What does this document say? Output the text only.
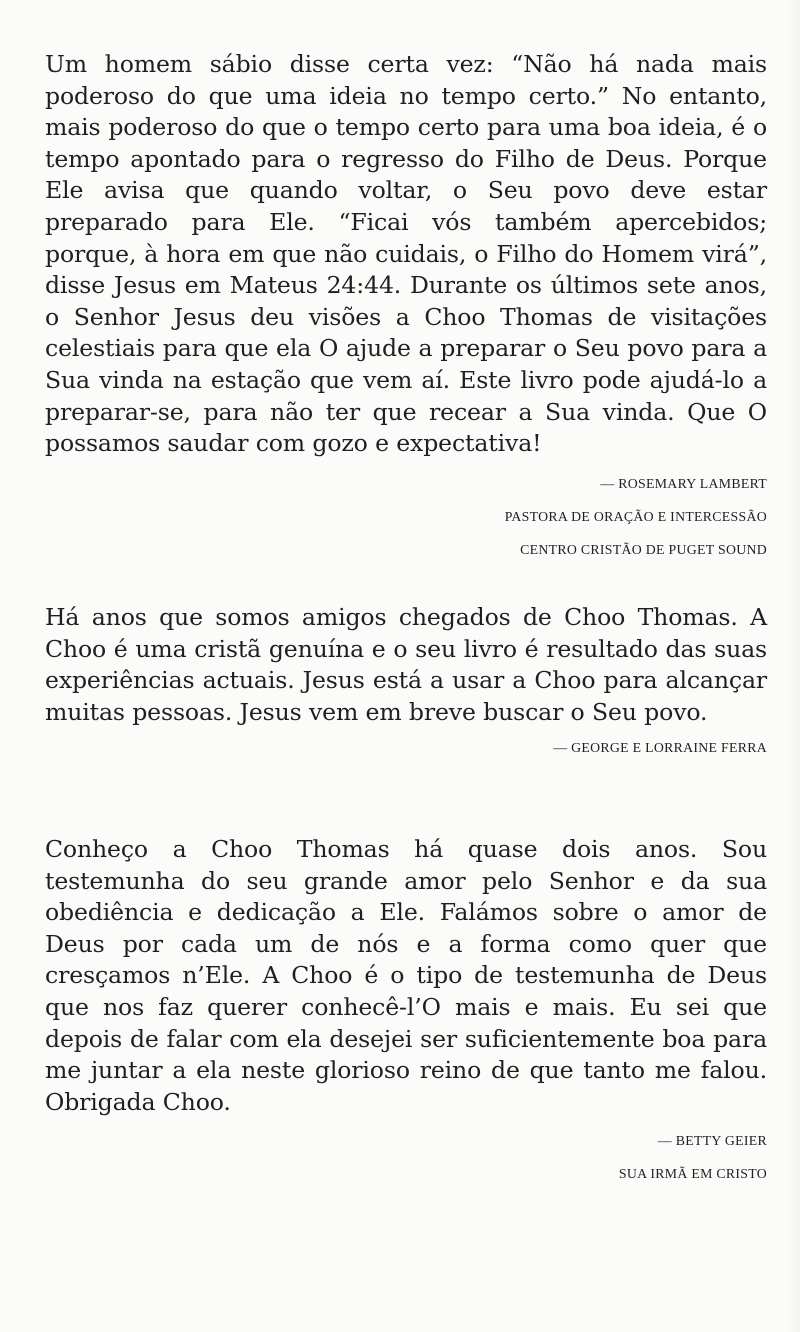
Um homem sábio disse certa vez: “Não há nada mais poderoso do que uma ideia no tempo certo.” No entanto, mais poderoso do que o tempo certo para uma boa ideia, é o tempo apontado para o regresso do Filho de Deus. Porque Ele avisa que quando voltar, o Seu povo deve estar preparado para Ele. “Ficai vós também apercebidos; porque, à hora em que não cuidais, o Filho do Homem virá”, disse Jesus em Mateus 24:44. Durante os últimos sete anos, o Senhor Jesus deu visões a Choo Thomas de visitações celestiais para que ela O ajude a preparar o Seu povo para a Sua vinda na estação que vem aí. Este livro pode ajudá-lo a preparar-se, para não ter que recear a Sua vinda. Que O possamos saudar com gozo e expectativa!

— ROSEMARY LAMBERT
PASTORA DE ORAÇÃO E INTERCESSÃO
CENTRO CRISTÃO DE PUGET SOUND

Há anos que somos amigos chegados de Choo Thomas. A Choo é uma cristã genuína e o seu livro é resultado das suas experiências actuais. Jesus está a usar a Choo para alcançar muitas pessoas. Jesus vem em breve buscar o Seu povo.

— GEORGE E LORRAINE FERRA

Conheço a Choo Thomas há quase dois anos. Sou testemunha do seu grande amor pelo Senhor e da sua obediência e dedicação a Ele. Falámos sobre o amor de Deus por cada um de nós e a forma como quer que cresçamos n’Ele. A Choo é o tipo de testemunha de Deus que nos faz querer conhecê-l’O mais e mais. Eu sei que depois de falar com ela desejei ser suficientemente boa para me juntar a ela neste glorioso reino de que tanto me falou. Obrigada Choo.

— BETTY GEIER
SUA IRMÃ EM CRISTO
